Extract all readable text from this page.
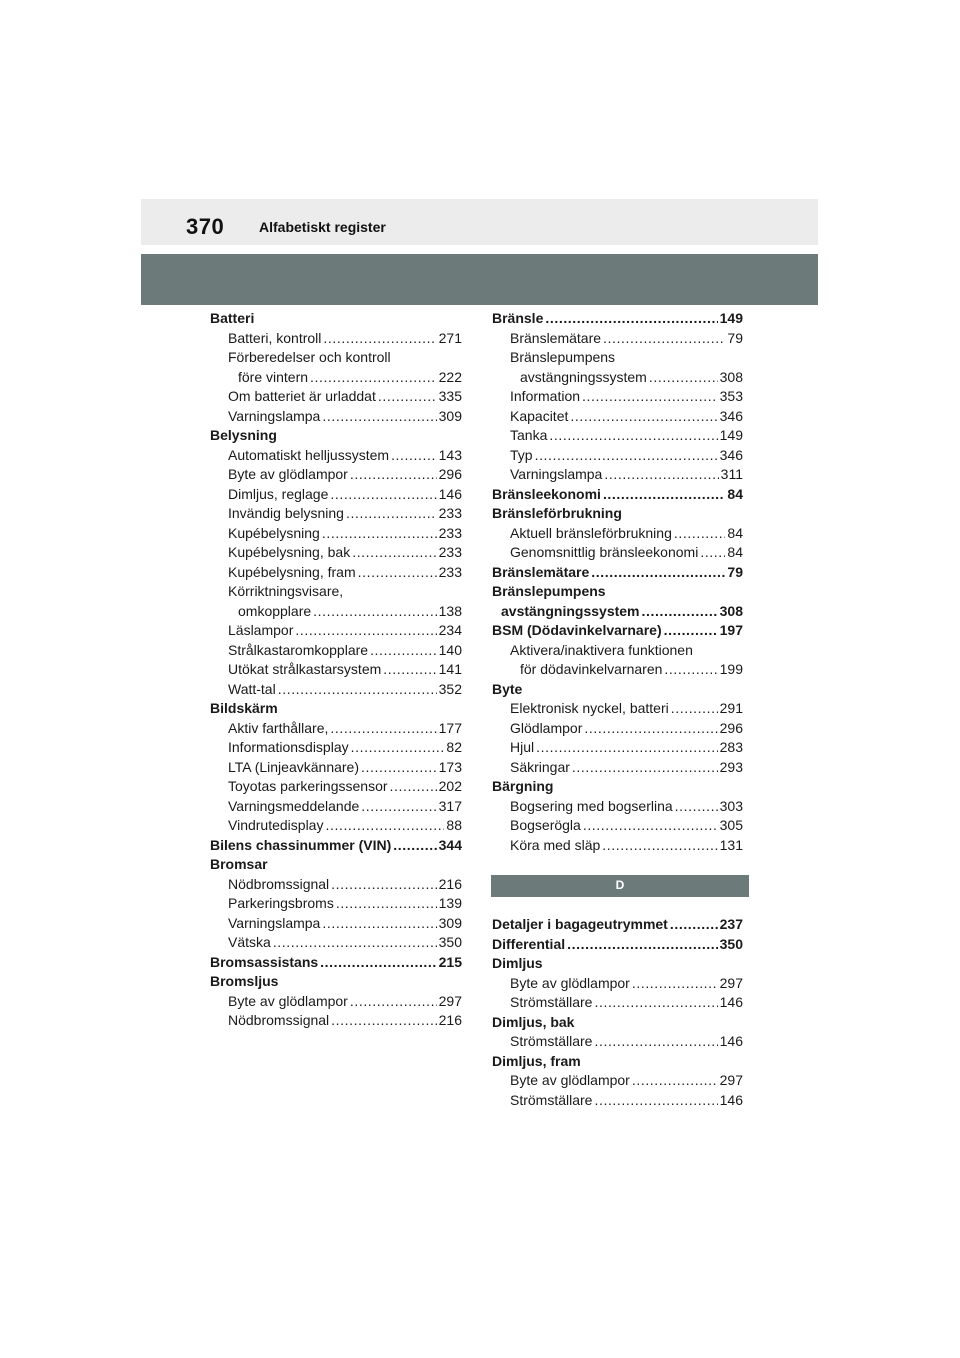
370 Alfabetiskt register
Batteri
Batteri, kontroll .....	271
Förberedelser och kontroll
före vintern .....	222
Om batteriet är urladdat .....	335
Varningslampa .....	309
Belysning
Automatiskt helljussystem .....	143
Byte av glödlampor .....	296
Dimljus, reglage .....	146
Invändig belysning .....	233
Kupébelysning .....	233
Kupébelysning, bak .....	233
Kupébelysning, fram .....	233
Körriktningsvisare,
omkopplare .....	138
Läslampor .....	234
Strålkastaromkopplare .....	140
Utökat strålkastarsystem .....	141
Watt-tal .....	352
Bildskärm
Aktiv farthållare, .....	177
Informationsdisplay .....	82
LTA (Linjeavkännare) .....	173
Toyotas parkeringssensor .....	202
Varningsmeddelande .....	317
Vindrutedisplay .....	88
Bilens chassinummer (VIN) .....	344
Bromsar
Nödbromssignal .....	216
Parkeringsbroms .....	139
Varningslampa .....	309
Vätska .....	350
Bromsassistans .....	215
Bromsljus
Byte av glödlampor .....	297
Nödbromssignal .....	216
Bränsle .....	149
Bränslemätare .....	79
Bränslepumpens
avstängningssystem .....	308
Information .....	353
Kapacitet .....	346
Tanka .....	149
Typ .....	346
Varningslampa .....	311
Bränsleekonomi .....	84
Bränsleförbrukning
Aktuell bränsleförbrukning .....	84
Genomsnittlig bränsleekonomi ..... 84
Bränslemätare .....	79
Bränslepumpens
avstängningssystem .....	308
BSM (Dödavinkelvarnare) .....	197
Aktivera/inaktivera funktionen
för dödavinkelvarnaren .....	199
Byte
Elektronisk nyckel, batteri .....	291
Glödlampor .....	296
Hjul .....	283
Säkringar .....	293
Bärgning
Bogsering med bogserlina .....	303
Bogserögla .....	305
Köra med släp .....	131
D
Detaljer i bagageutrymmet .....	237
Differential .....	350
Dimljus
Byte av glödlampor .....	297
Strömställare .....	146
Dimljus, bak
Strömställare .....	146
Dimljus, fram
Byte av glödlampor .....	297
Strömställare .....	146
